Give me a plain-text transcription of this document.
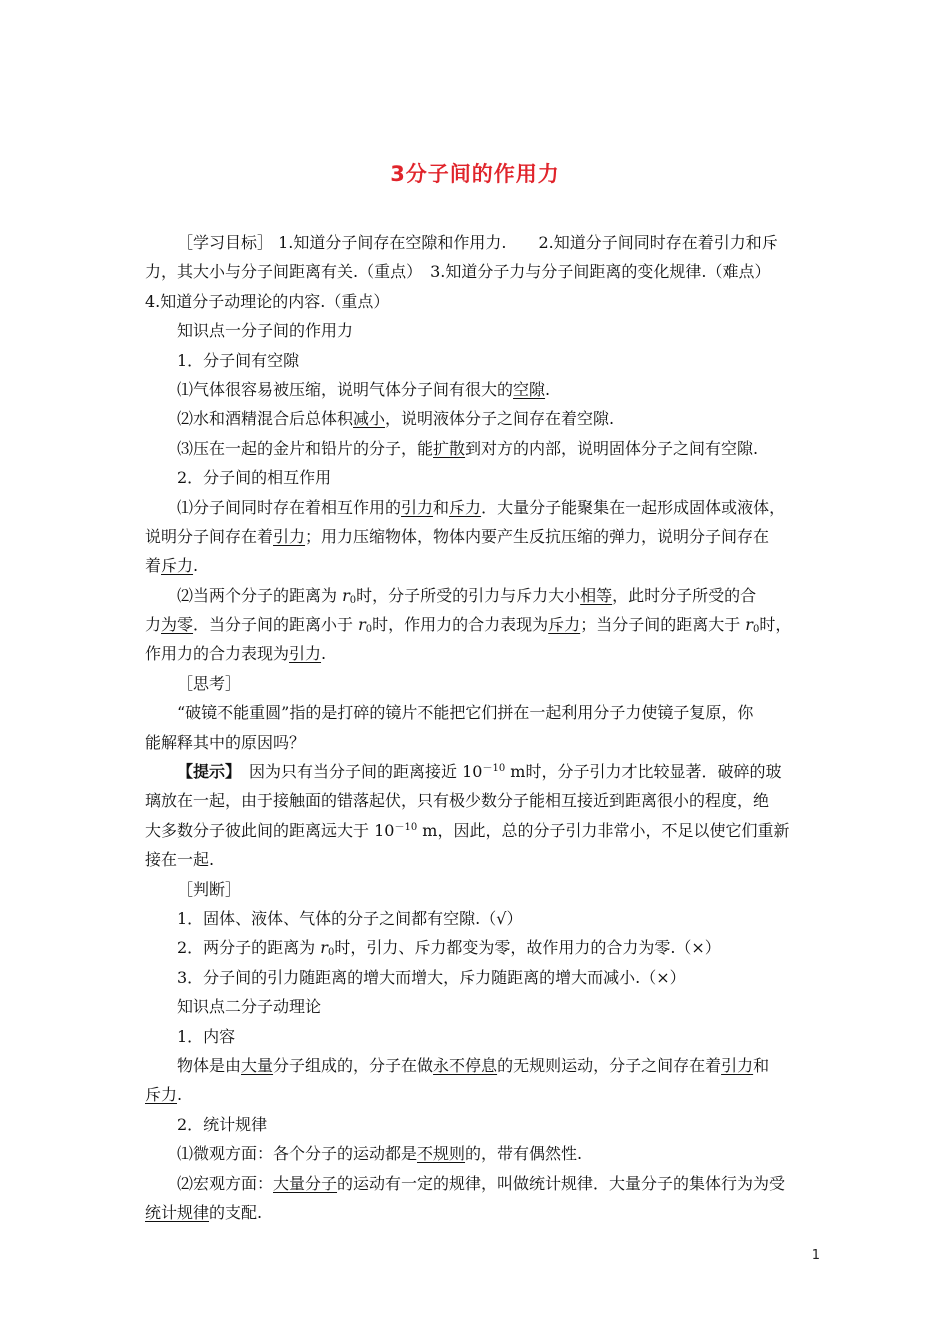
3分子间的作用力
［学习目标］ 1.知道分子间存在空隙和作用力.　　2.知道分子间同时存在着引力和斥
力，其大小与分子间距离有关.（重点）　3.知道分子力与分子间距离的变化规律.（难点）
4.知道分子动理论的内容.（重点）
知识点一分子间的作用力
1．分子间有空隙
⑴气体很容易被压缩，说明气体分子间有很大的空隙.
⑵水和酒精混合后总体积减小，说明液体分子之间存在着空隙.
⑶压在一起的金片和铅片的分子，能扩散到对方的内部，说明固体分子之间有空隙.
2．分子间的相互作用
⑴分子间同时存在着相互作用的引力和斥力．大量分子能聚集在一起形成固体或液体，
说明分子间存在着引力；用力压缩物体，物体内要产生反抗压缩的弹力，说明分子间存在
着斥力.
⑵当两个分子的距离为 $r_0$时，分子所受的引力与斥力大小相等，此时分子所受的合
力为零．当分子间的距离小于 $r_0$时，作用力的合力表现为斥力；当分子间的距离大于 $r_0$时，
作用力的合力表现为引力.
［思考］
“破镜不能重圆”指的是打碎的镜片不能把它们拼在一起利用分子力使镜子复原，你
能解释其中的原因吗？
【提示】　因为只有当分子间的距离接近 $10^{-10}$ m时，分子引力才比较显著．破碎的玻
璃放在一起，由于接触面的错落起伏，只有极少数分子能相互接近到距离很小的程度，绝
大多数分子彼此间的距离远大于 $10^{-10}$ m，因此，总的分子引力非常小，不足以使它们重新
接在一起.
［判断］
1．固体、液体、气体的分子之间都有空隙.（√）
2．两分子的距离为 $r_0$时，引力、斥力都变为零，故作用力的合力为零.（×）
3．分子间的引力随距离的增大而增大，斥力随距离的增大而减小.（×）
知识点二分子动理论
1．内容
物体是由大量分子组成的，分子在做永不停息的无规则运动，分子之间存在着引力和
斥力.
2．统计规律
⑴微观方面：各个分子的运动都是不规则的，带有偶然性.
⑵宏观方面：大量分子的运动有一定的规律，叫做统计规律．大量分子的集体行为为受
统计规律的支配.
1
